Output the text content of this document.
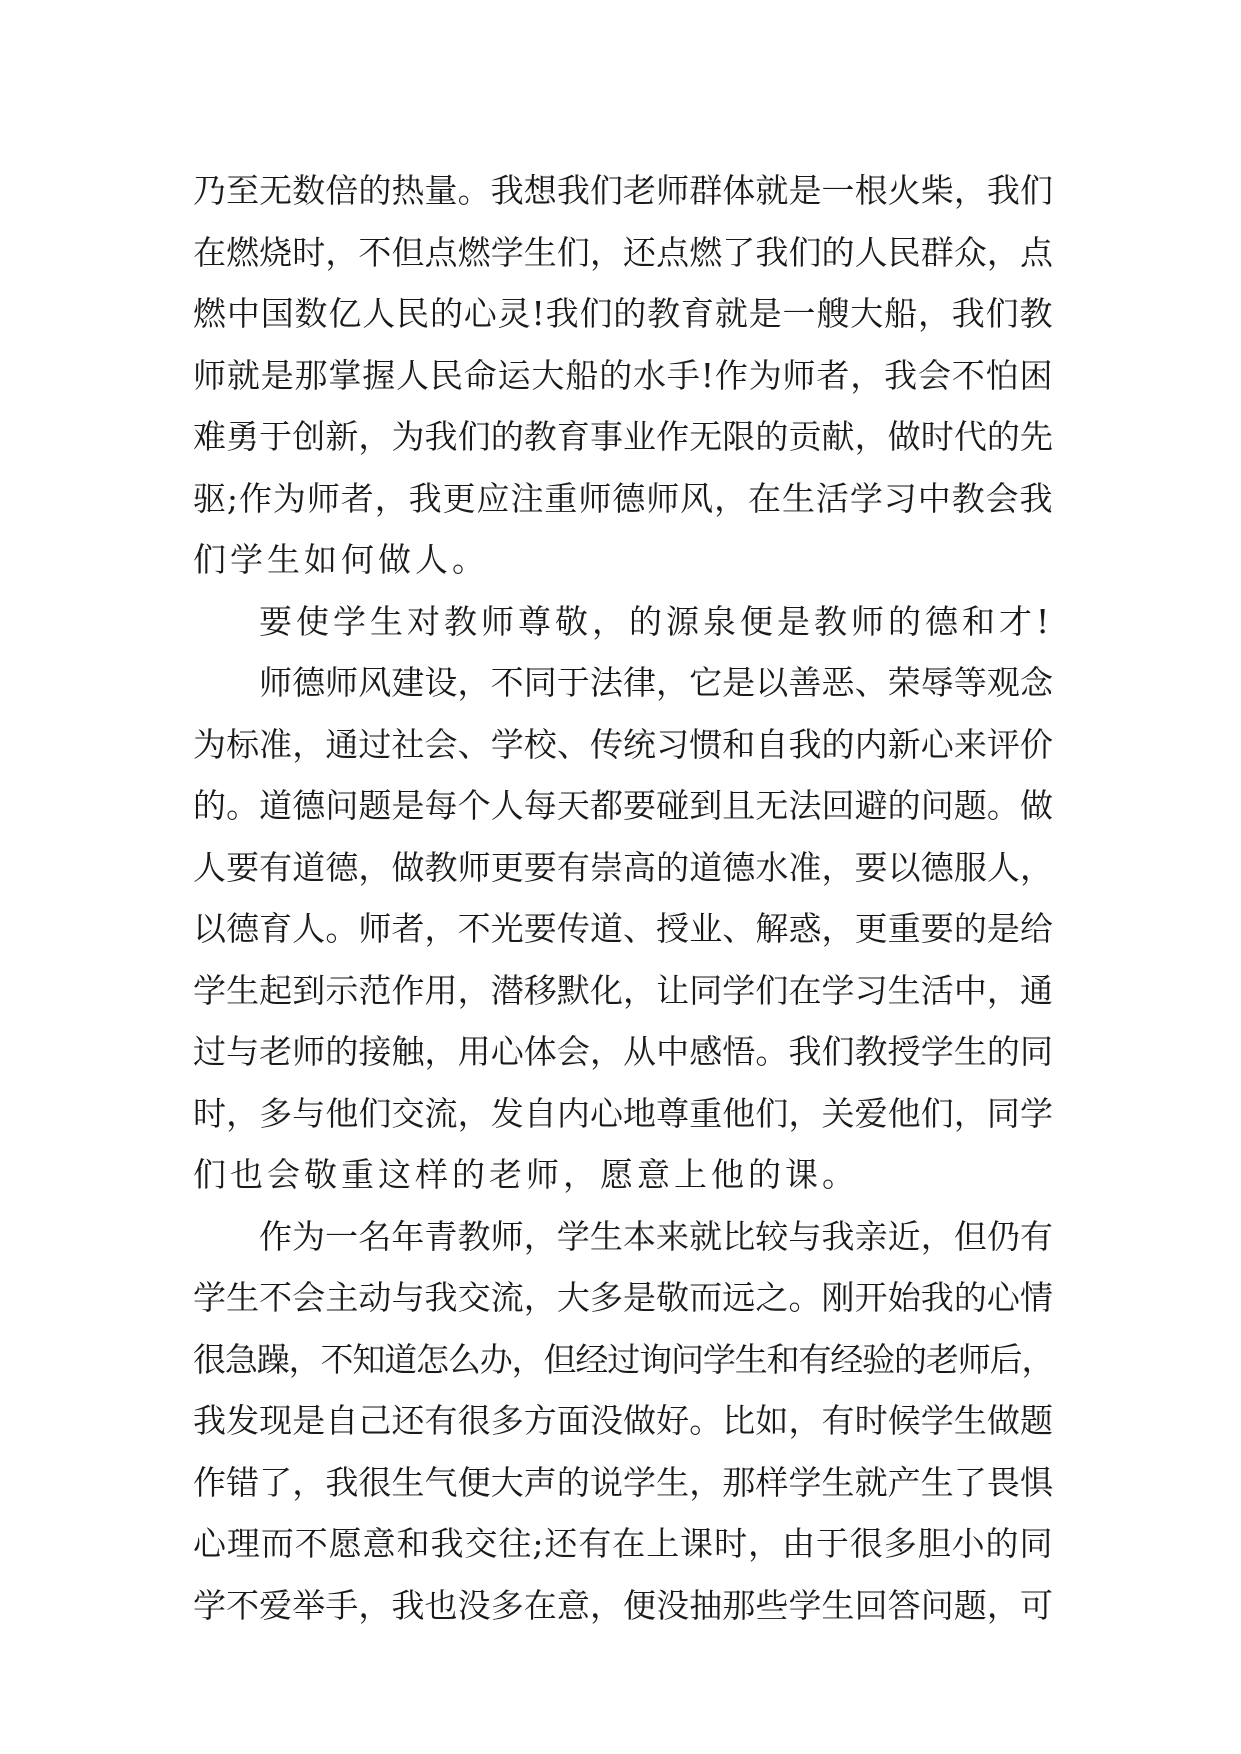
乃至无数倍的热量。我想我们老师群体就是一根火柴，我们
在燃烧时，不但点燃学生们，还点燃了我们的人民群众，点
燃中国数亿人民的心灵!我们的教育就是一艘大船，我们教
师就是那掌握人民命运大船的水手!作为师者，我会不怕困
难勇于创新，为我们的教育事业作无限的贡献，做时代的先
驱;作为师者，我更应注重师德师风，在生活学习中教会我
们学生如何做人。
要使学生对教师尊敬，的源泉便是教师的德和才!
师德师风建设，不同于法律，它是以善恶、荣辱等观念
为标准，通过社会、学校、传统习惯和自我的内新心来评价
的。道德问题是每个人每天都要碰到且无法回避的问题。做
人要有道德，做教师更要有崇高的道德水准，要以德服人，
以德育人。师者，不光要传道、授业、解惑，更重要的是给
学生起到示范作用，潜移默化，让同学们在学习生活中，通
过与老师的接触，用心体会，从中感悟。我们教授学生的同
时，多与他们交流，发自内心地尊重他们，关爱他们，同学
们也会敬重这样的老师，愿意上他的课。
作为一名年青教师，学生本来就比较与我亲近，但仍有
学生不会主动与我交流，大多是敬而远之。刚开始我的心情
很急躁，不知道怎么办，但经过询问学生和有经验的老师后，
我发现是自己还有很多方面没做好。比如，有时候学生做题
作错了，我很生气便大声的说学生，那样学生就产生了畏惧
心理而不愿意和我交往;还有在上课时，由于很多胆小的同
学不爱举手，我也没多在意，便没抽那些学生回答问题，可
